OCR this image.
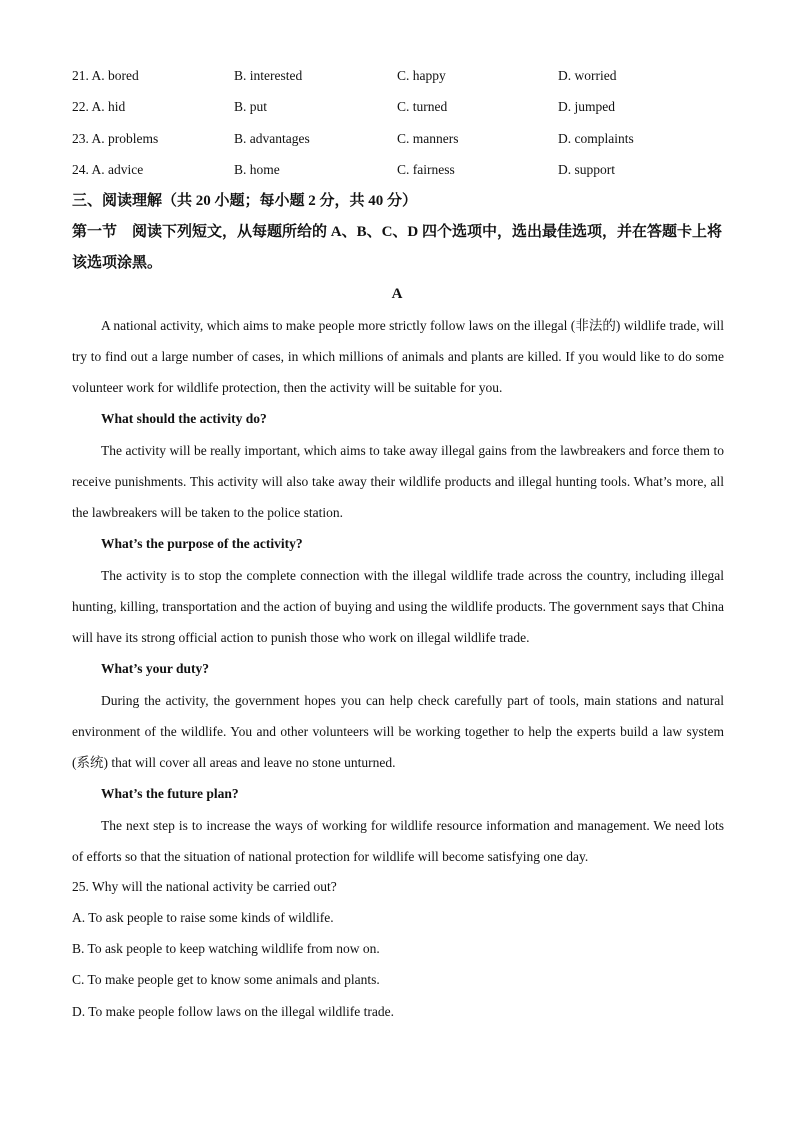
21. A. bored	B. interested	C. happy	D. worried
22. A. hid	B. put	C. turned	D. jumped
23. A. problems	B. advantages	C. manners	D. complaints
24. A. advice	B. home	C. fairness	D. support
三、阅读理解（共 20 小题；每小题 2 分，共 40 分）
第一节　阅读下列短文，从每题所给的 A、B、C、D 四个选项中，选出最佳选项，并在答题卡上将该选项涂黑。
A

A national activity, which aims to make people more strictly follow laws on the illegal (非法的) wildlife trade, will try to find out a large number of cases, in which millions of animals and plants are killed. If you would like to do some volunteer work for wildlife protection, then the activity will be suitable for you.

What should the activity do?

The activity will be really important, which aims to take away illegal gains from the lawbreakers and force them to receive punishments. This activity will also take away their wildlife products and illegal hunting tools. What’s more, all the lawbreakers will be taken to the police station.

What’s the purpose of the activity?

The activity is to stop the complete connection with the illegal wildlife trade across the country, including illegal hunting, killing, transportation and the action of buying and using the wildlife products. The government says that China will have its strong official action to punish those who work on illegal wildlife trade.

What’s your duty?

During the activity, the government hopes you can help check carefully part of tools, main stations and natural environment of the wildlife. You and other volunteers will be working together to help the experts build a law system (系统) that will cover all areas and leave no stone unturned.

What’s the future plan?

The next step is to increase the ways of working for wildlife resource information and management. We need lots of efforts so that the situation of national protection for wildlife will become satisfying one day.

25. Why will the national activity be carried out?
A. To ask people to raise some kinds of wildlife.
B. To ask people to keep watching wildlife from now on.
C. To make people get to know some animals and plants.
D. To make people follow laws on the illegal wildlife trade.
